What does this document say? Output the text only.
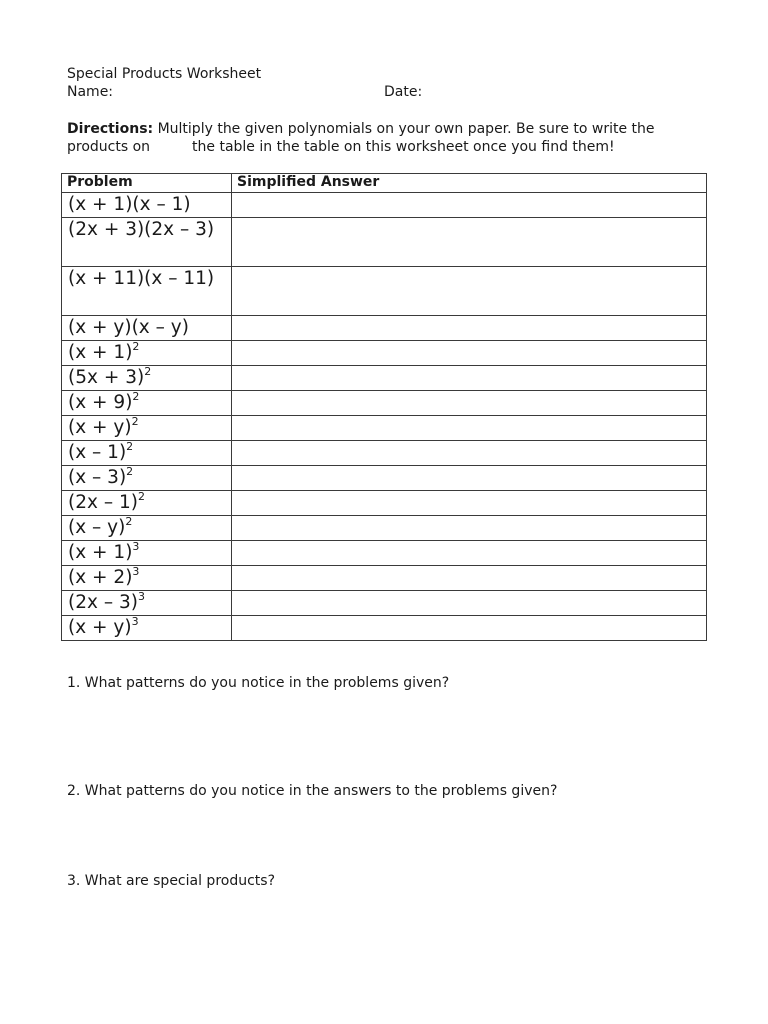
Special Products Worksheet
Name:	Date:
Directions: Multiply the given polynomials on your own paper. Be sure to write the products on	the table in the table on this worksheet once you find them!
Problem	Simplified Answer
(x + 1)(x – 1)	
(2x + 3)(2x – 3)	
(x + 11)(x – 11)	
(x + y)(x – y)	
$(x + 1)^2$	
$(5x + 3)^2$	
$(x + 9)^2$	
$(x + y)^2$	
(x – 1)$^2$	
(x – 3)$^2$	
(2x – 1)$^2$	
(x – y)$^2$	
$(x + 1)^3$	
$(x + 2)^3$	
(2x – 3)$^3$	
$(x + y)^3$	
1. What patterns do you notice in the problems given?
2. What patterns do you notice in the answers to the problems given?
3. What are special products?
